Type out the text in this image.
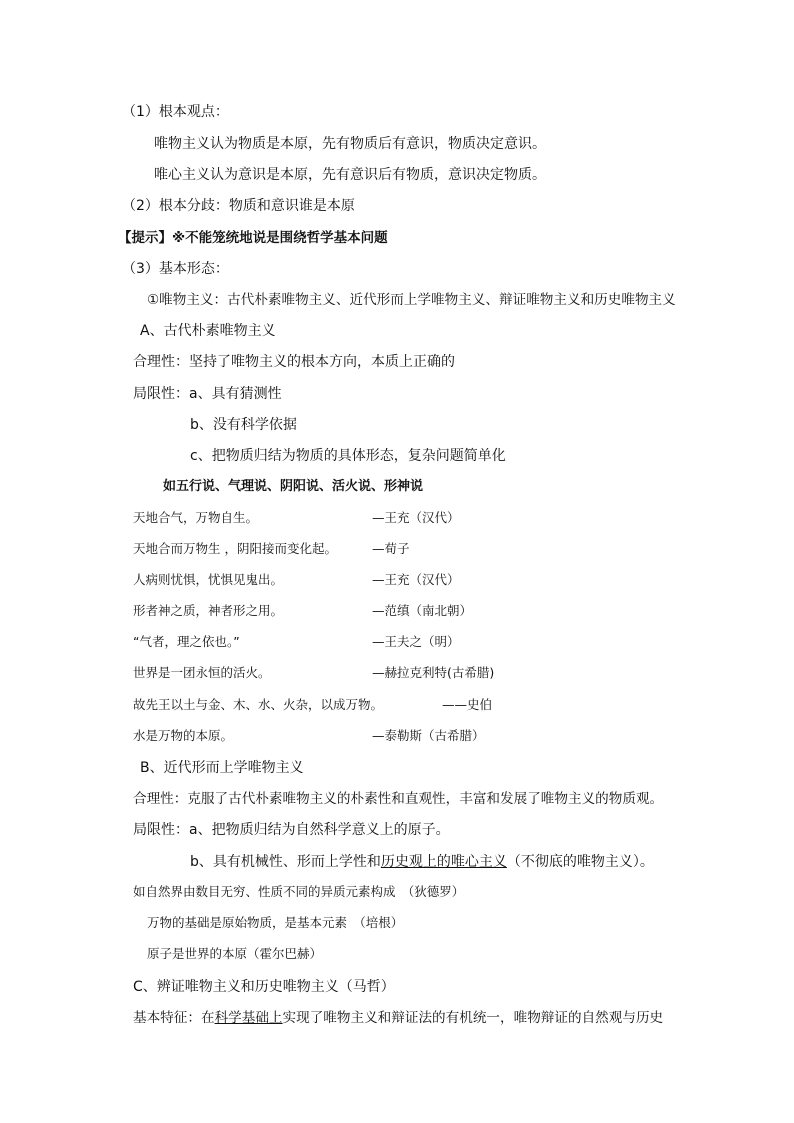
（1）根本观点：
唯物主义认为物质是本原，先有物质后有意识，物质决定意识。
唯心主义认为意识是本原，先有意识后有物质，意识决定物质。
（2）根本分歧：物质和意识谁是本原
【提示】※不能笼统地说是围绕哲学基本问题
（3）基本形态：
①唯物主义：古代朴素唯物主义、近代形而上学唯物主义、辩证唯物主义和历史唯物主义
A、古代朴素唯物主义
合理性：坚持了唯物主义的根本方向，本质上正确的
局限性：a、具有猜测性
b、没有科学依据
c、把物质归结为物质的具体形态，复杂问题简单化
如五行说、气理说、阴阳说、活火说、形神说
天地合气，万物自生。	—王充（汉代）
天地合而万物生 ，阴阳接而变化起。	—荀子
人病则忧惧，忧惧见鬼出。	—王充（汉代）
形者神之质，神者形之用。	—范缜（南北朝）
“气者，理之依也。”	—王夫之（明）
世界是一团永恒的活火。	—赫拉克利特(古希腊)
故先王以土与金、木、水、火杂，以成万物。	——史伯
水是万物的本原。	—泰勒斯（古希腊）
B、近代形而上学唯物主义
合理性：克服了古代朴素唯物主义的朴素性和直观性，丰富和发展了唯物主义的物质观。
局限性：a、把物质归结为自然科学意义上的原子。
b、具有机械性、形而上学性和历史观上的唯心主义（不彻底的唯物主义）。
如自然界由数目无穷、性质不同的异质元素构成　（狄德罗）
万物的基础是原始物质，是基本元素　（培根）
原子是世界的本原（霍尔巴赫）
C、辨证唯物主义和历史唯物主义（马哲）
基本特征：在科学基础上实现了唯物主义和辩证法的有机统一，唯物辩证的自然观与历史
